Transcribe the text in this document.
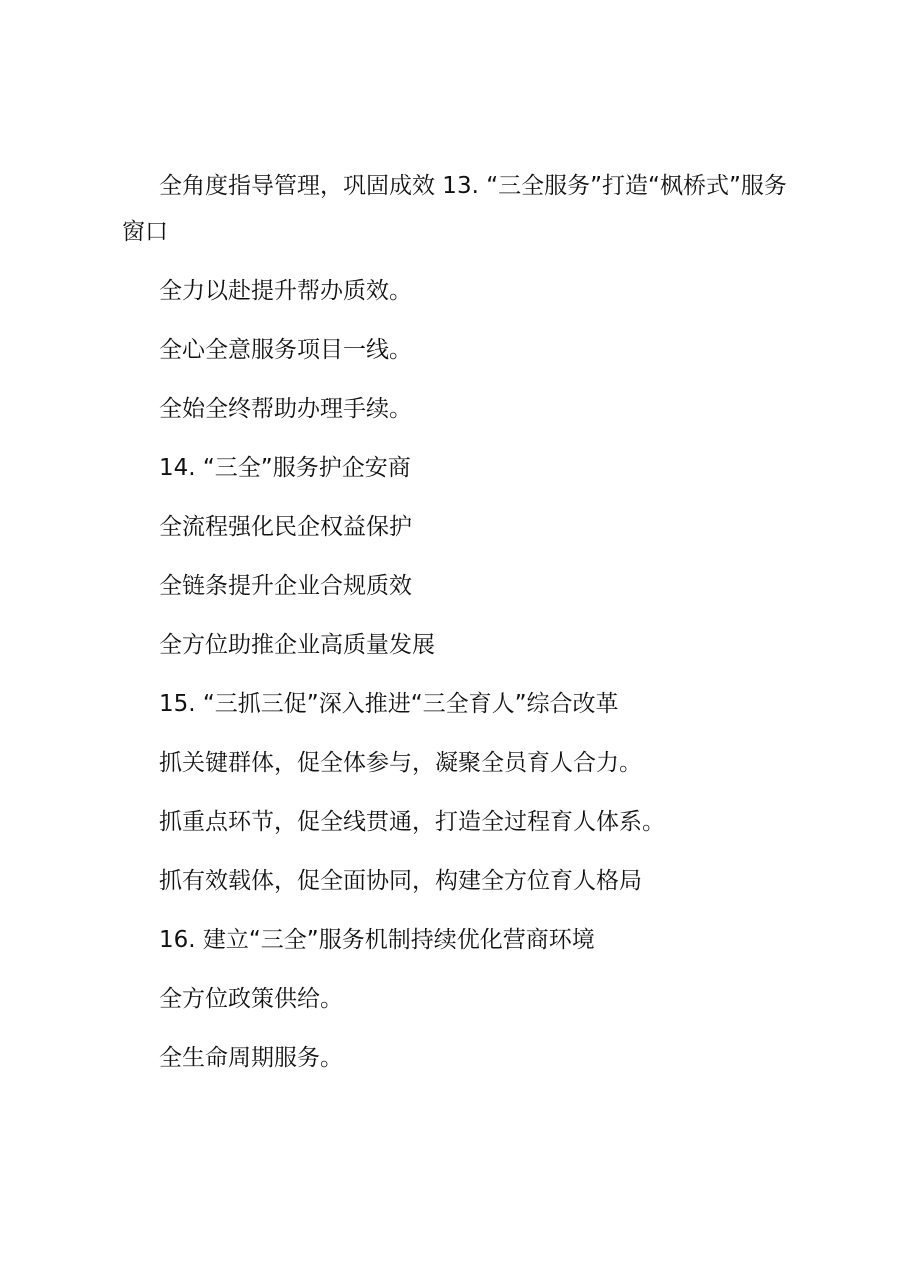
全角度指导管理，巩固成效 13. “三全服务”打造“枫桥式”服务窗口

全力以赴提升帮办质效。

全心全意服务项目一线。

全始全终帮助办理手续。

14. “三全”服务护企安商

全流程强化民企权益保护

全链条提升企业合规质效

全方位助推企业高质量发展

15. “三抓三促”深入推进“三全育人”综合改革

抓关键群体，促全体参与，凝聚全员育人合力。

抓重点环节，促全线贯通，打造全过程育人体系。

抓有效载体，促全面协同，构建全方位育人格局

16. 建立“三全”服务机制持续优化营商环境

全方位政策供给。

全生命周期服务。
